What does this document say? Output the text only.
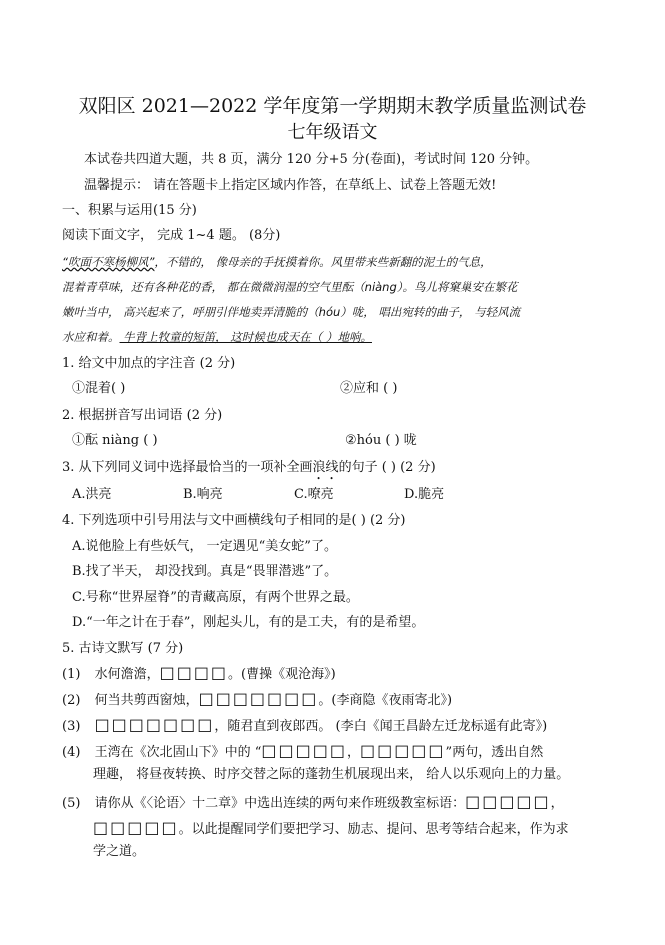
双阳区 2021—2022 学年度第一学期期末教学质量监测试卷
七年级语文
本试卷共四道大题，共 8 页，满分 120 分+5 分(卷面)，考试时间 120 分钟。
温馨提示： 请在答题卡上指定区域内作答，在草纸上、试卷上答题无效!
一、积累与运用(15 分)
阅读下面文字， 完成 1~4 题。 (8分)
“吹面不寒杨柳风”，不错的， 像母亲的手抚摸着你。风里带来些新翻的泥土的气息，
混着青草味，还有各种花的香， 都在微微润湿的空气里酝（niàng）。鸟儿将窠巢安在繁花
嫩叶当中， 高兴起来了，呼朋引伴地卖弄清脆的（hóu）咙， 唱出宛转的曲子， 与轻风流
水应和着。 牛背上牧童的短笛， 这时候也成天在（ ）地响。
1. 给文中加点的字注音 (2 分)
①混着( )	②应和 ( )
2. 根据拼音写出词语 (2 分)
①酝 niàng ( )	②hóu ( ) 咙
3. 从下列同义词中选择最恰当的一项补全画浪线的句子 ( ) (2 分)
A.洪亮	B.响亮	C.嘹亮	D.脆亮
4. 下列选项中引号用法与文中画横线句子相同的是( ) (2 分)
A.说他脸上有些妖气， 一定遇见“美女蛇”了。
B.找了半天， 却没找到。真是“畏罪潜逃”了。
C.号称“世界屋脊”的青藏高原，有两个世界之最。
D.“一年之计在于春”，刚起头儿，有的是工夫，有的是希望。
5. 古诗文默写 (7 分)
(1) 水何澹澹，□□□□。(曹操《观沧海》)
(2) 何当共剪西窗烛，□□□□□□□。(李商隐《夜雨寄北》)
(3) □□□□□□□，随君直到夜郎西。 (李白《闻王昌龄左迁龙标遥有此寄》)
(4) 王湾在《次北固山下》中的 “□□□□□，□□□□□”两句，透出自然
理趣， 将昼夜转换、时序交替之际的蓬勃生机展现出来， 给人以乐观向上的力量。
(5) 请你从《〈论语〉十二章》中选出连续的两句来作班级教室标语：□□□□□，
□□□□□。以此提醒同学们要把学习、励志、提问、思考等结合起来，作为求
学之道。
